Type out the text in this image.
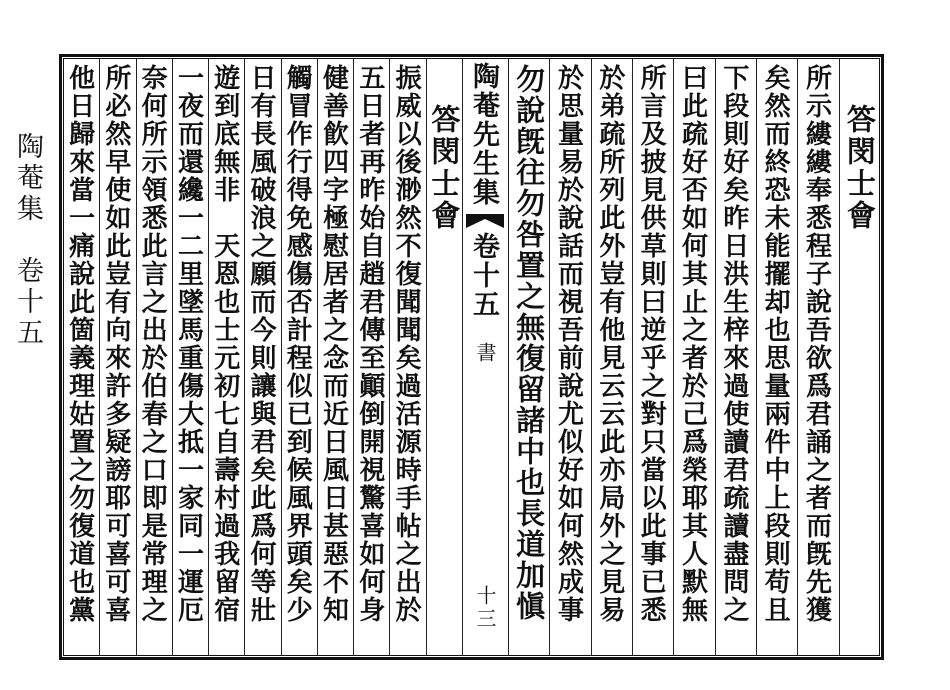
陶菴集　卷十五	答閔士會
所示縷縷奉悉程子說吾欲爲君誦之者而旣先獲
矣然而終恐未能擺却也思量兩件中上段則苟且
下段則好矣昨日洪生梓來過使讀君疏讀盡問之
曰此疏好否如何其止之者於己爲榮耶其人默無
所言及披見供草則曰逆乎之對只當以此事已悉
於弟疏所列此外豈有他見云云此亦局外之見易
於思量易於說話而視吾前說尤似好如何然成事
陶菴先生集
卷十五
書
十三
答閔士會 勿說旣往勿咎置之無復留諸中也長道加愼
振威以後渺然不復聞聞矣過活源時手帖之出於
五日者再昨始自趙君傳至顚倒開視驚喜如何身
健善飮四字極慰居者之念而近日風日甚惡不知
觸冒作行得免感傷否計程似已到候風界頭矣少
日有長風破浪之願而今則讓與君矣此爲何等壯
遊到底無非　天恩也士元初七自壽村過我留宿
一夜而還纔一二里墜馬重傷大抵一家同一運厄
奈何所示領悉此言之出於伯春之口即是常理之
所必然早使如此豈有向來許多疑謗耶可喜可喜
他日歸來當一痛說此箇義理姑置之勿復道也黨
